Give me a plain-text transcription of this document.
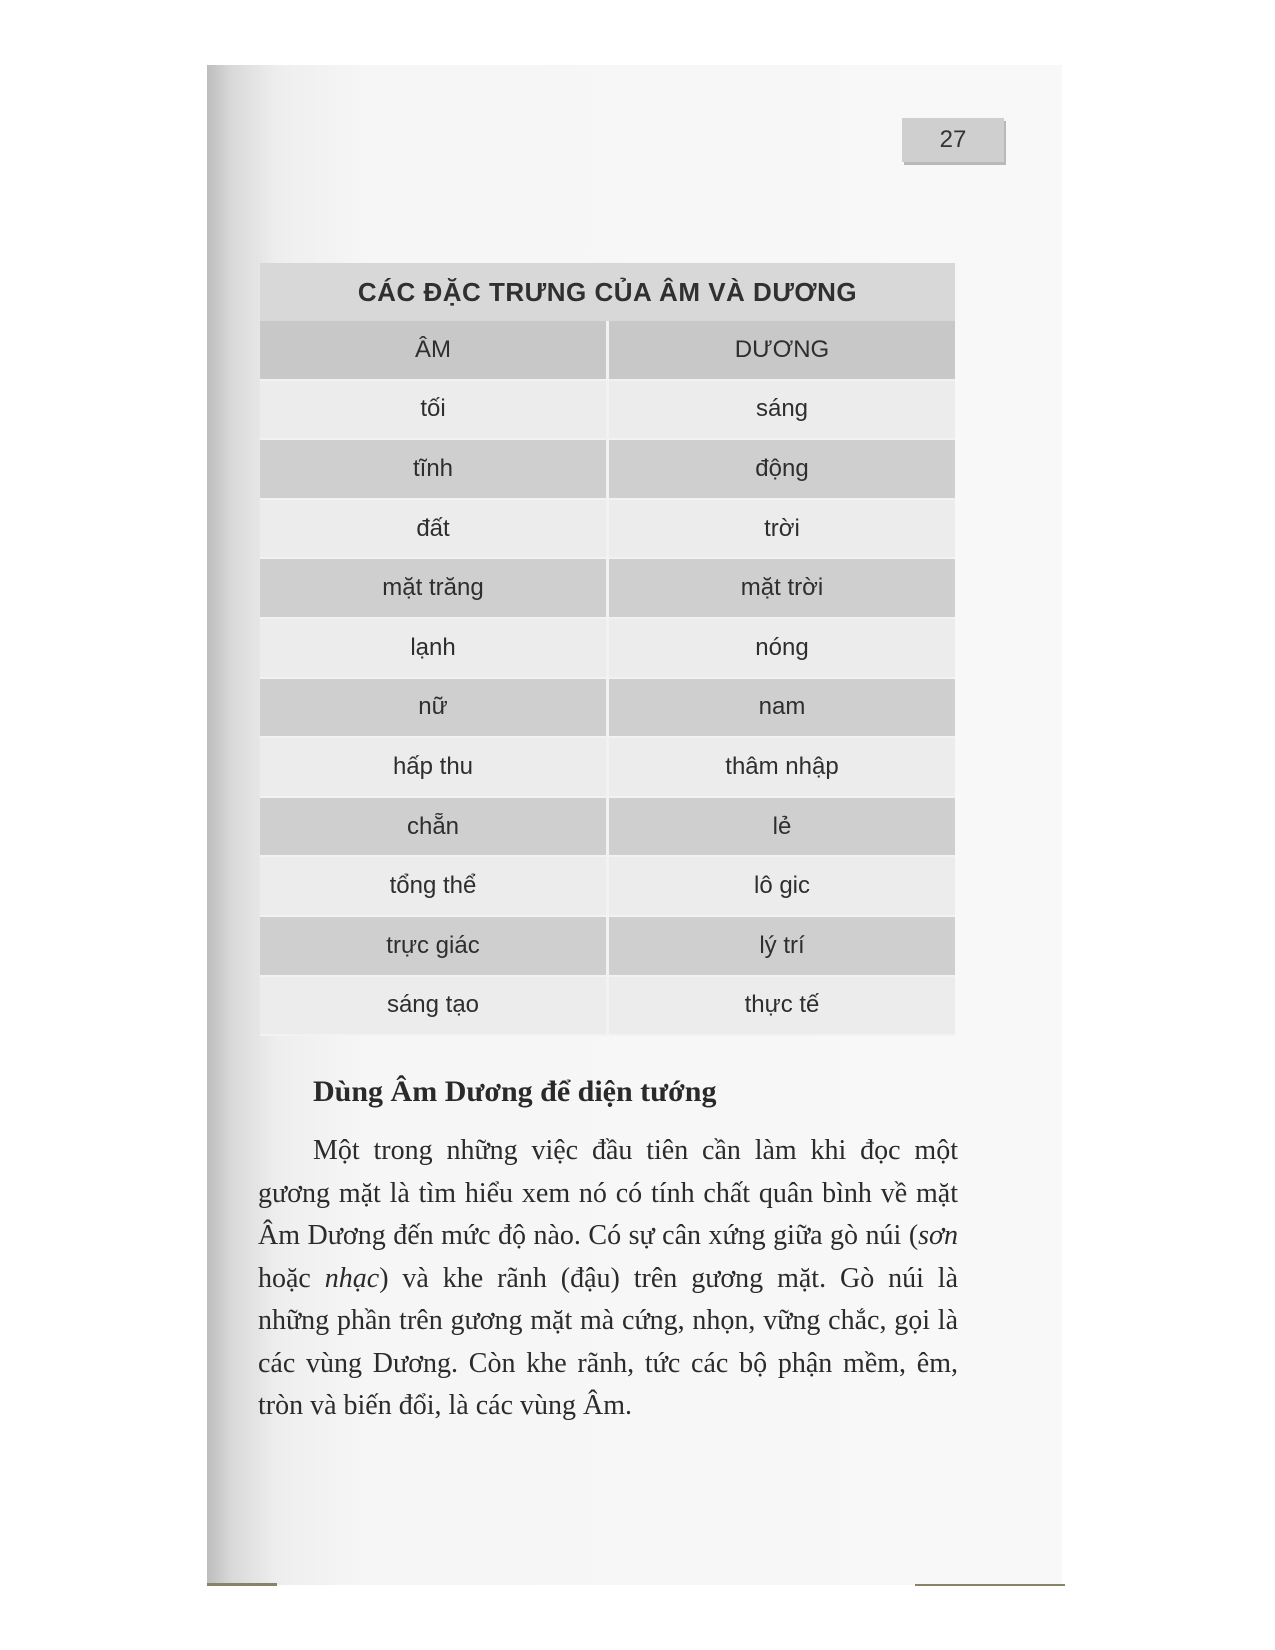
27
CÁC ĐẶC TRƯNG CỦA ÂM VÀ DƯƠNG	
ÂM	DƯƠNG
tối	sáng
tĩnh	động
đất	trời
mặt trăng	mặt trời
lạnh	nóng
nữ	nam
hấp thu	thâm nhập
chẵn	lẻ
tổng thể	lô gic
trực giác	lý trí
sáng tạo	thực tế
Dùng Âm Dương để diện tướng

Một trong những việc đầu tiên cần làm khi đọc một gương mặt là tìm hiểu xem nó có tính chất quân bình về mặt Âm Dương đến mức độ nào. Có sự cân xứng giữa gò núi (sơn hoặc nhạc) và khe rãnh (đậu) trên gương mặt. Gò núi là những phần trên gương mặt mà cứng, nhọn, vững chắc, gọi là các vùng Dương. Còn khe rãnh, tức các bộ phận mềm, êm, tròn và biến đổi, là các vùng Âm.
